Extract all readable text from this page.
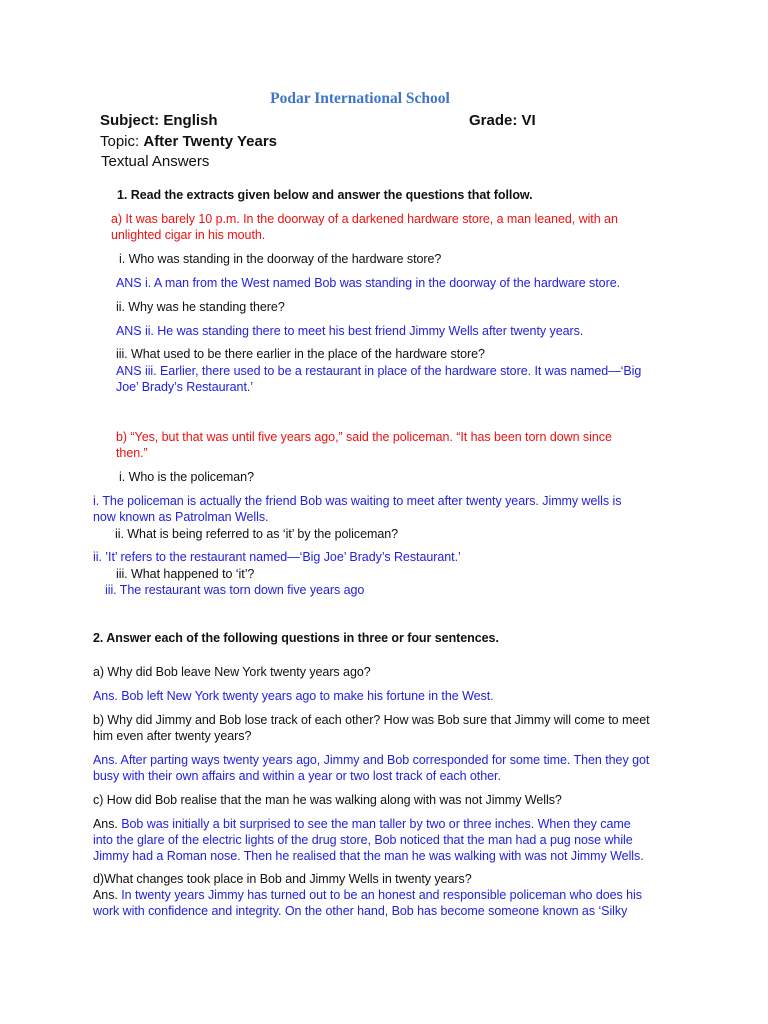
Podar International School
Subject: English	Grade: VI
Topic: After Twenty Years
Textual Answers
1. Read the extracts given below and answer the questions that follow.
a) It was barely 10 p.m. In the doorway of a darkened hardware store, a man leaned, with an
unlighted cigar in his mouth.
i. Who was standing in the doorway of the hardware store?
ANS i. A man from the West named Bob was standing in the doorway of the hardware store.
ii. Why was he standing there?
ANS ii. He was standing there to meet his best friend Jimmy Wells after twenty years.
iii. What used to be there earlier in the place of the hardware store?
ANS iii. Earlier, there used to be a restaurant in place of the hardware store. It was named—‘Big
Joe’ Brady’s Restaurant.’
b) “Yes, but that was until five years ago,” said the policeman. “It has been torn down since
then.”
i. Who is the policeman?
i. The policeman is actually the friend Bob was waiting to meet after twenty years. Jimmy wells is
now known as Patrolman Wells.
ii. What is being referred to as ‘it’ by the policeman?
ii. ’It’ refers to the restaurant named—‘Big Joe’ Brady’s Restaurant.’
iii. What happened to ‘it’?
iii. The restaurant was torn down five years ago
2. Answer each of the following questions in three or four sentences.
a) Why did Bob leave New York twenty years ago?
Ans. Bob left New York twenty years ago to make his fortune in the West.
b) Why did Jimmy and Bob lose track of each other? How was Bob sure that Jimmy will come to meet
him even after twenty years?
Ans. After parting ways twenty years ago, Jimmy and Bob corresponded for some time. Then they got
busy with their own affairs and within a year or two lost track of each other.
c) How did Bob realise that the man he was walking along with was not Jimmy Wells?
Ans. Bob was initially a bit surprised to see the man taller by two or three inches. When they came
into the glare of the electric lights of the drug store, Bob noticed that the man had a pug nose while
Jimmy had a Roman nose. Then he realised that the man he was walking with was not Jimmy Wells.
d)What changes took place in Bob and Jimmy Wells in twenty years?
Ans. In twenty years Jimmy has turned out to be an honest and responsible policeman who does his
work with confidence and integrity. On the other hand, Bob has become someone known as ‘Silky
